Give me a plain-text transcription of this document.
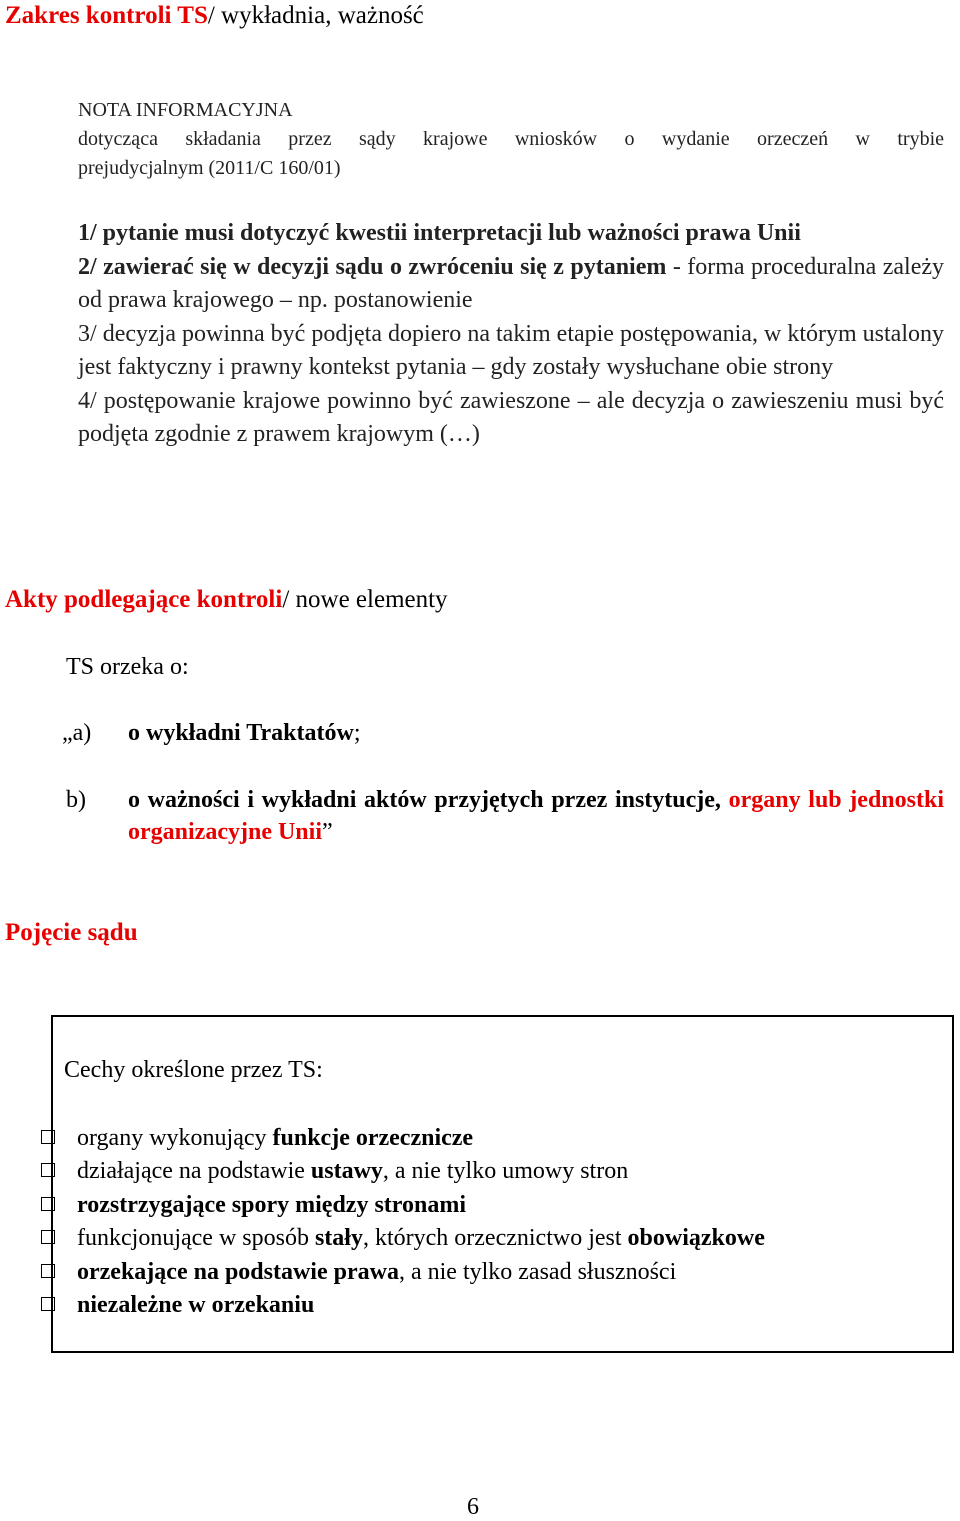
Zakres kontroli TS/ wykładnia, ważność
NOTA INFORMACYJNA
dotycząca składania przez sądy krajowe wniosków o wydanie orzeczeń w trybie
prejudycjalnym (2011/C 160/01)

1/ pytanie musi dotyczyć kwestii interpretacji lub ważności prawa Unii

2/ zawierać się w decyzji sądu o zwróceniu się z pytaniem - forma proceduralna zależy od prawa krajowego – np. postanowienie

3/ decyzja powinna być podjęta dopiero na takim etapie postępowania, w którym ustalony jest faktyczny i prawny kontekst pytania – gdy zostały wysłuchane obie strony

4/ postępowanie krajowe powinno być zawieszone – ale decyzja o zawieszeniu musi być podjęta zgodnie z prawem krajowym (…)

Akty podlegające kontroli/ nowe elementy
TS orzeka o:
„a) o wykładni Traktatów;
b) o ważności i wykładni aktów przyjętych przez instytucje, organy lub jednostki organizacyjne Unii”
Pojęcie sądu
Cechy określone przez TS:
organy wykonujący funkcje orzecznicze
działające na podstawie ustawy, a nie tylko umowy stron
rozstrzygające spory między stronami
funkcjonujące w sposób stały, których orzecznictwo jest obowiązkowe
orzekające na podstawie prawa, a nie tylko zasad słuszności
niezależne w orzekaniu
6
